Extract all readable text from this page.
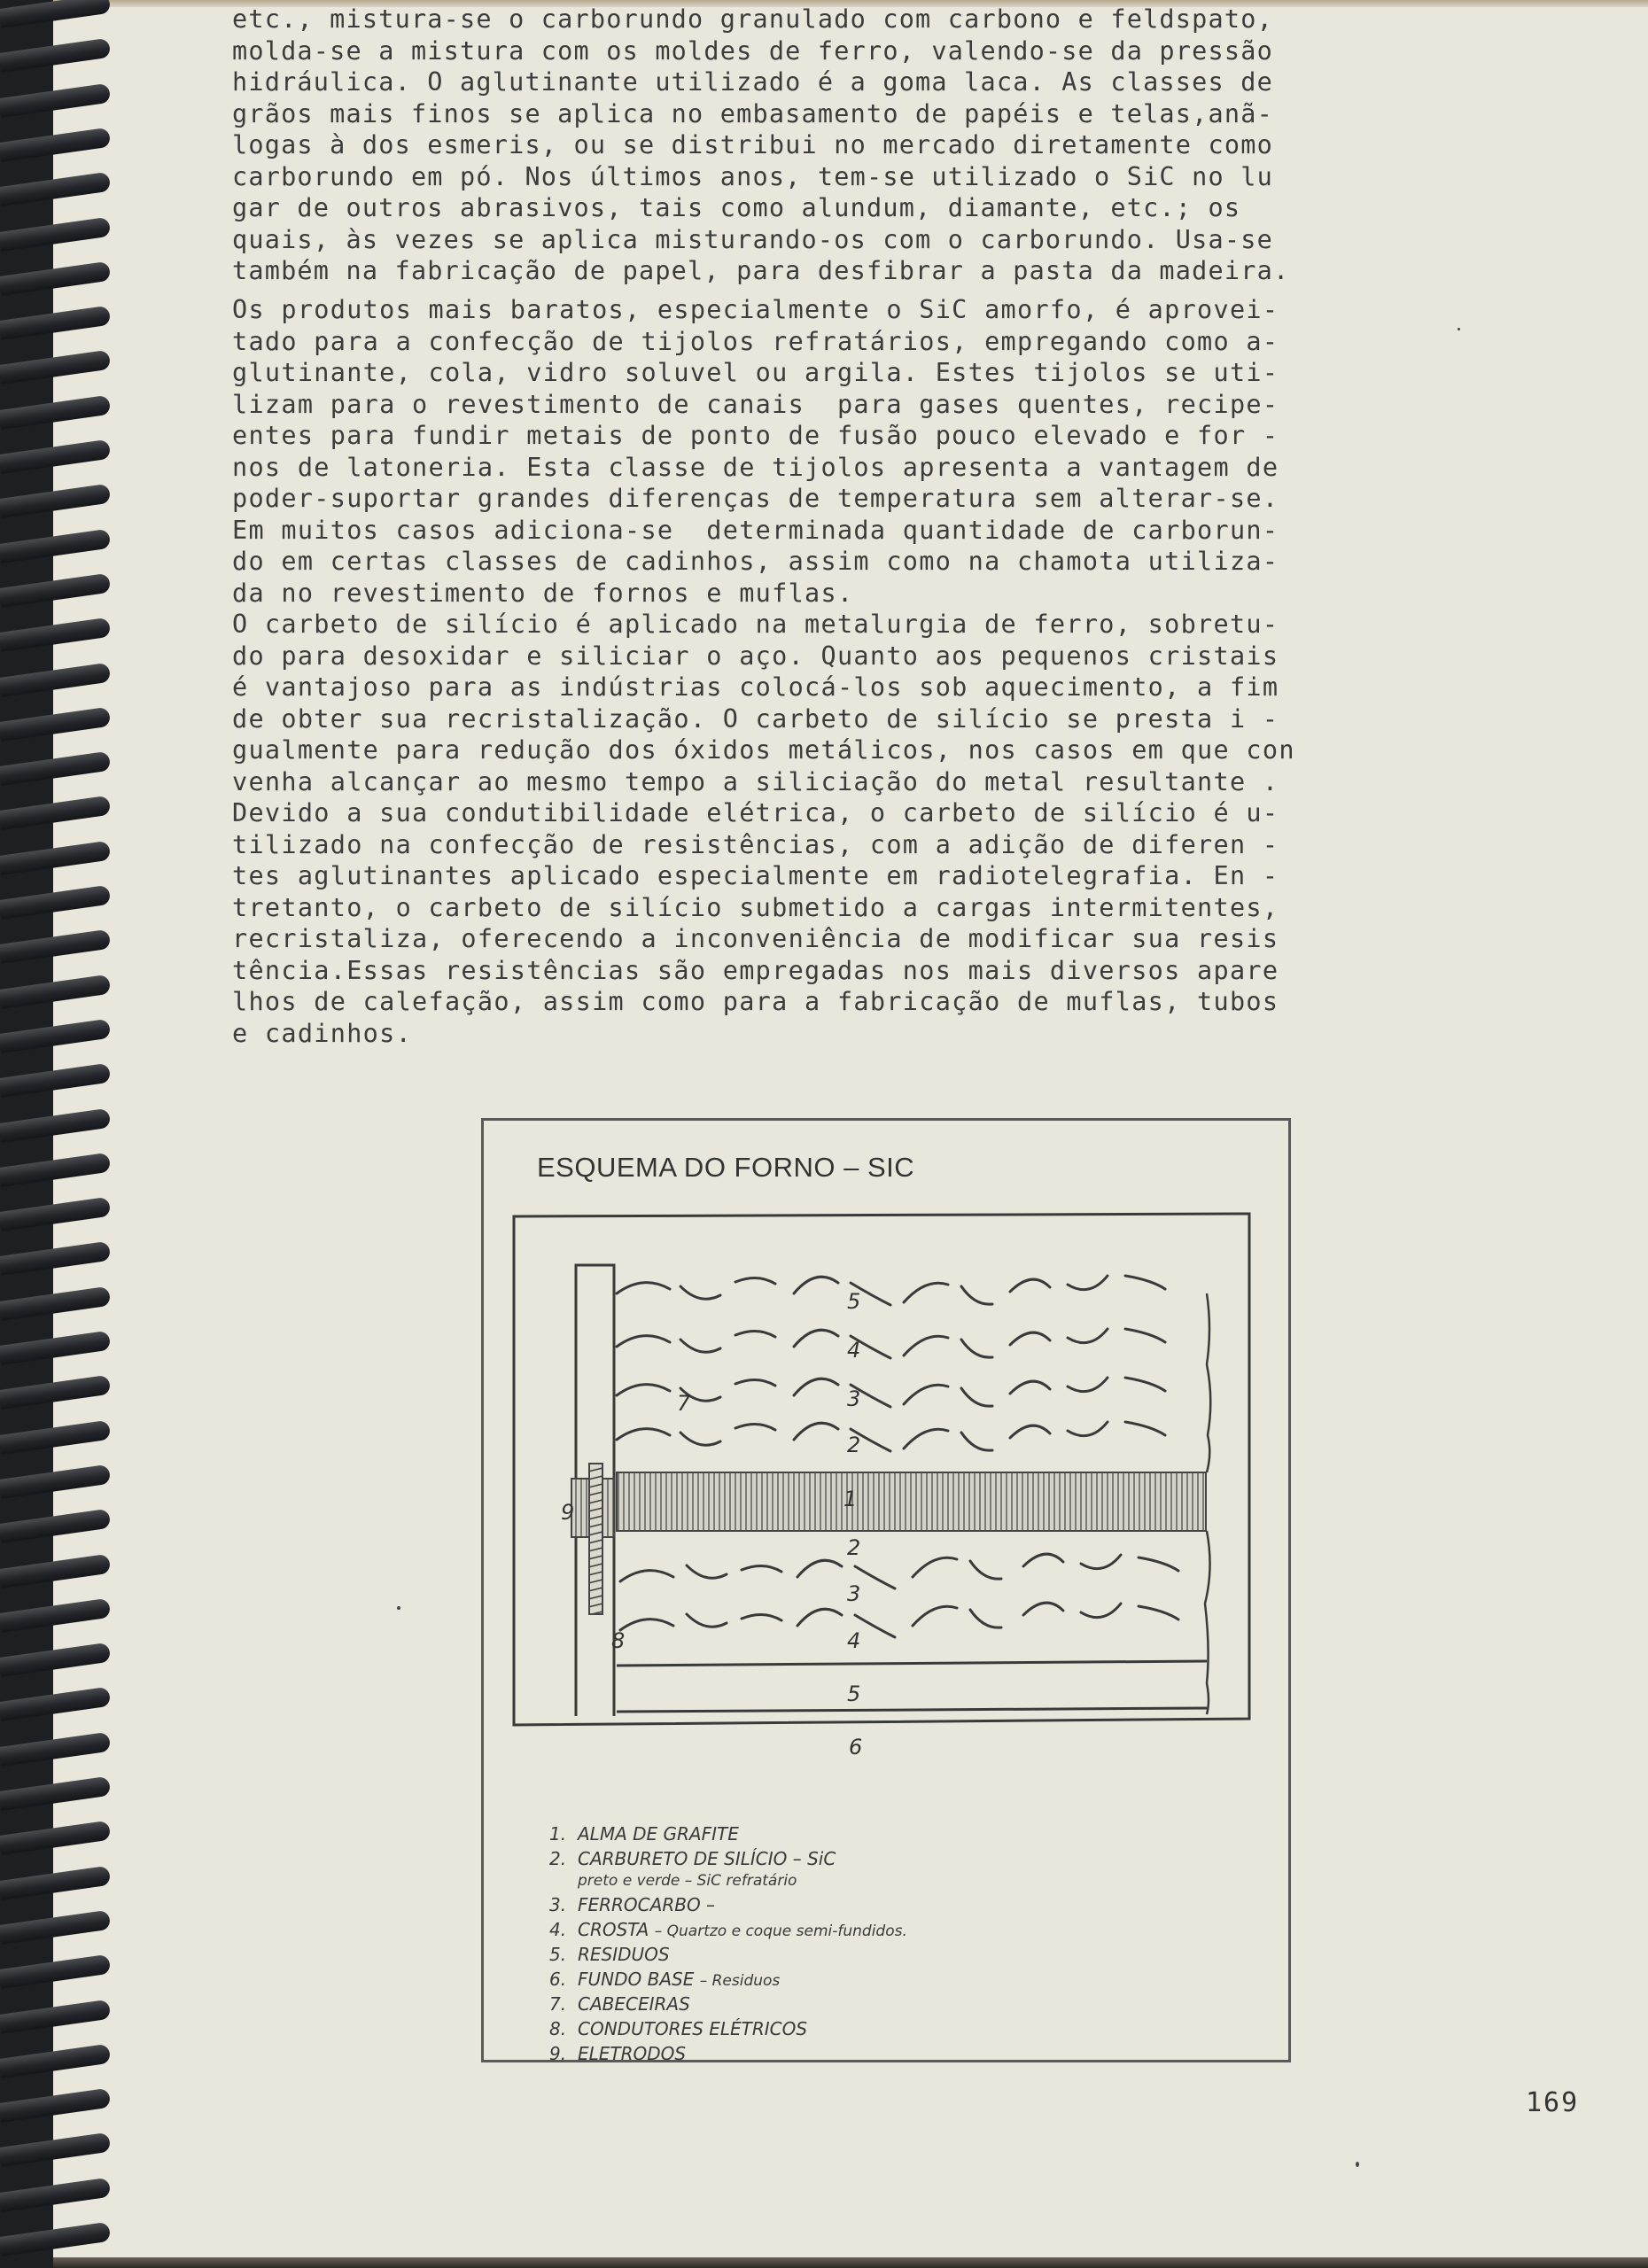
etc., mistura-se o carborundo granulado com carbono e feldspato,
molda-se a mistura com os moldes de ferro, valendo-se da pressão
hidráulica. O aglutinante utilizado é a goma laca. As classes de
grãos mais finos se aplica no embasamento de papéis e telas,anã-
logas à dos esmeris, ou se distribui no mercado diretamente como
carborundo em pó. Nos últimos anos, tem-se utilizado o SiC no lu
gar de outros abrasivos, tais como alundum, diamante, etc.; os
quais, às vezes se aplica misturando-os com o carborundo. Usa-se
também na fabricação de papel, para desfibrar a pasta da madeira.
Os produtos mais baratos, especialmente o SiC amorfo, é aprovei-
tado para a confecção de tijolos refratários, empregando como a-
glutinante, cola, vidro soluvel ou argila. Estes tijolos se uti-
lizam para o revestimento de canais  para gases quentes, recipe-
entes para fundir metais de ponto de fusão pouco elevado e for -
nos de latoneria. Esta classe de tijolos apresenta a vantagem de
poder-suportar grandes diferenças de temperatura sem alterar-se.
Em muitos casos adiciona-se  determinada quantidade de carborun-
do em certas classes de cadinhos, assim como na chamota utiliza-
da no revestimento de fornos e muflas.
O carbeto de silício é aplicado na metalurgia de ferro, sobretu-
do para desoxidar e siliciar o aço. Quanto aos pequenos cristais
é vantajoso para as indústrias colocá-los sob aquecimento, a fim
de obter sua recristalização. O carbeto de silício se presta i -
gualmente para redução dos óxidos metálicos, nos casos em que con
venha alcançar ao mesmo tempo a siliciação do metal resultante .
Devido a sua condutibilidade elétrica, o carbeto de silício é u-
tilizado na confecção de resistências, com a adição de diferen -
tes aglutinantes aplicado especialmente em radiotelegrafia. En -
tretanto, o carbeto de silício submetido a cargas intermitentes,
recristaliza, oferecendo a inconveniência de modificar sua resis
tência.Essas resistências são empregadas nos mais diversos apare
lhos de calefação, assim como para a fabricação de muflas, tubos
e cadinhos.
ESQUEMA DO FORNO – SIC
1
2
2
3
3
4
4
5
5
6
7
8
9
1. ALMA DE GRAFITE
2. CARBURETO DE SILÍCIO – SiC
preto e verde – SiC refratário
3. FERROCARBO –
4. CROSTA – Quartzo e coque semi-fundidos.
5. RESIDUOS
6. FUNDO BASE – Residuos
7. CABECEIRAS
8. CONDUTORES ELÉTRICOS
9. ELETRODOS
169
